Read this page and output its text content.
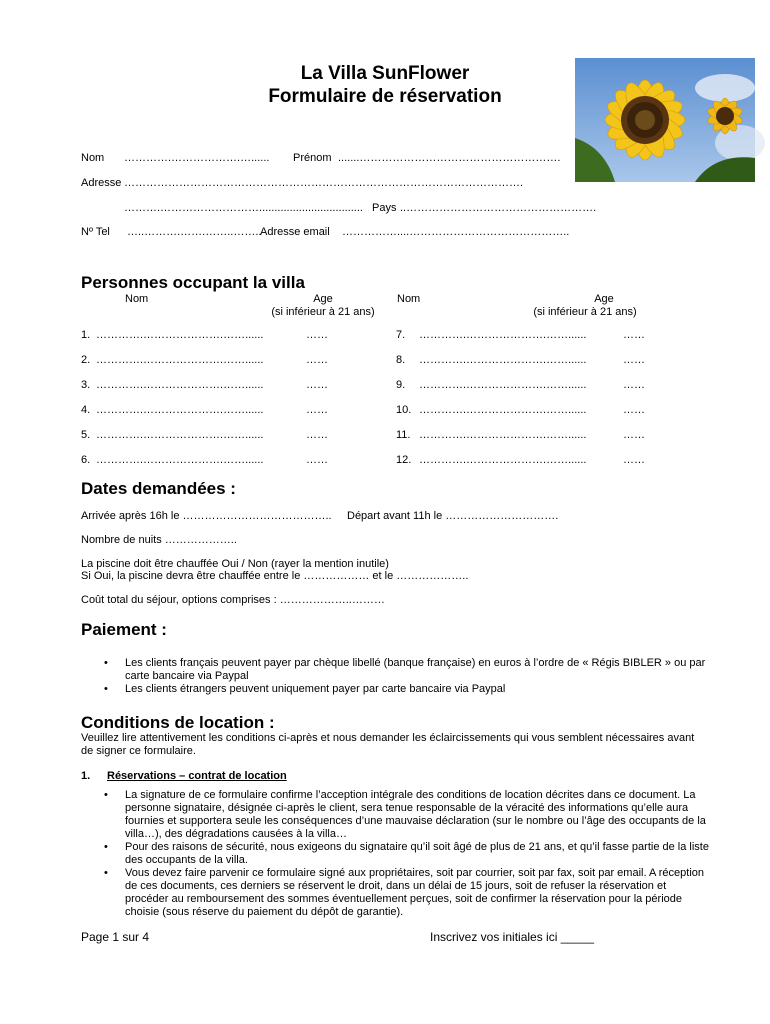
La Villa SunFlower
Formulaire de réservation
Nom ………….……………….…......	Prénom .......……………………………………………….
Adresse ……………………………………………………………………………………………….
……….……………………….................................. Pays ..…………………………………………….
Nº Tel …..……….…….……..……..
Adresse email ……………....……………………………………..
Personnes occupant la villa
Nom	Age
(si inférieur à 21 ans)
Nom	Age
(si inférieur à 21 ans)
1. ………….………………….……......	……	7. ………….………………….……......	……
2. ………….………………….……......	……	8. ………….………………….……......	……
3. ………….………………….……......	……	9. ………….………………….……......	……
4. ………….………………….……......	……	10. ………….………………….……......	……
5. ………….………………….……......	……	11. ………….………………….……......	……
6. ………….………………….……......	……	12. ………….………………….……......	……
Dates demandées :
Arrivée après 16h le ………………………………….. Départ avant 11h le ………………………….
Nombre de nuits ………………..
La piscine doit être chauffée Oui / Non (rayer la mention inutile)
Si Oui, la piscine devra être chauffée entre le ……………… et le ………………..
Coût total du séjour, options comprises : ………………..………
Paiement :
• Les clients français peuvent payer par chèque libellé (banque française) en euros à l’ordre de « Régis BIBLER » ou par carte bancaire via Paypal
• Les clients étrangers peuvent uniquement payer par carte bancaire via Paypal
Conditions de location :
Veuillez lire attentivement les conditions ci-après et nous demander les éclaircissements qui vous semblent nécessaires avant de signer ce formulaire.
1. Réservations – contrat de location
• La signature de ce formulaire confirme l’acception intégrale des conditions de location décrites dans ce document. La personne signataire, désignée ci-après le client, sera tenue responsable de la véracité des informations qu’elle aura fournies et supportera seule les conséquences d’une mauvaise déclaration (sur le nombre ou l’âge des occupants de la villa…), des dégradations causées à la villa…
• Pour des raisons de sécurité, nous exigeons du signataire qu’il soit âgé de plus de 21 ans, et qu’il fasse partie de la liste des occupants de la villa.
• Vous devez faire parvenir ce formulaire signé aux propriétaires, soit par courrier, soit par fax, soit par email. A réception de ces documents, ces derniers se réservent le droit, dans un délai de 15 jours, soit de refuser la réservation et procéder au remboursement des sommes éventuellement perçues, soit de confirmer la réservation pour la période choisie (sous réserve du paiement du dépôt de garantie).
Page 1 sur 4	Inscrivez vos initiales ici _____
